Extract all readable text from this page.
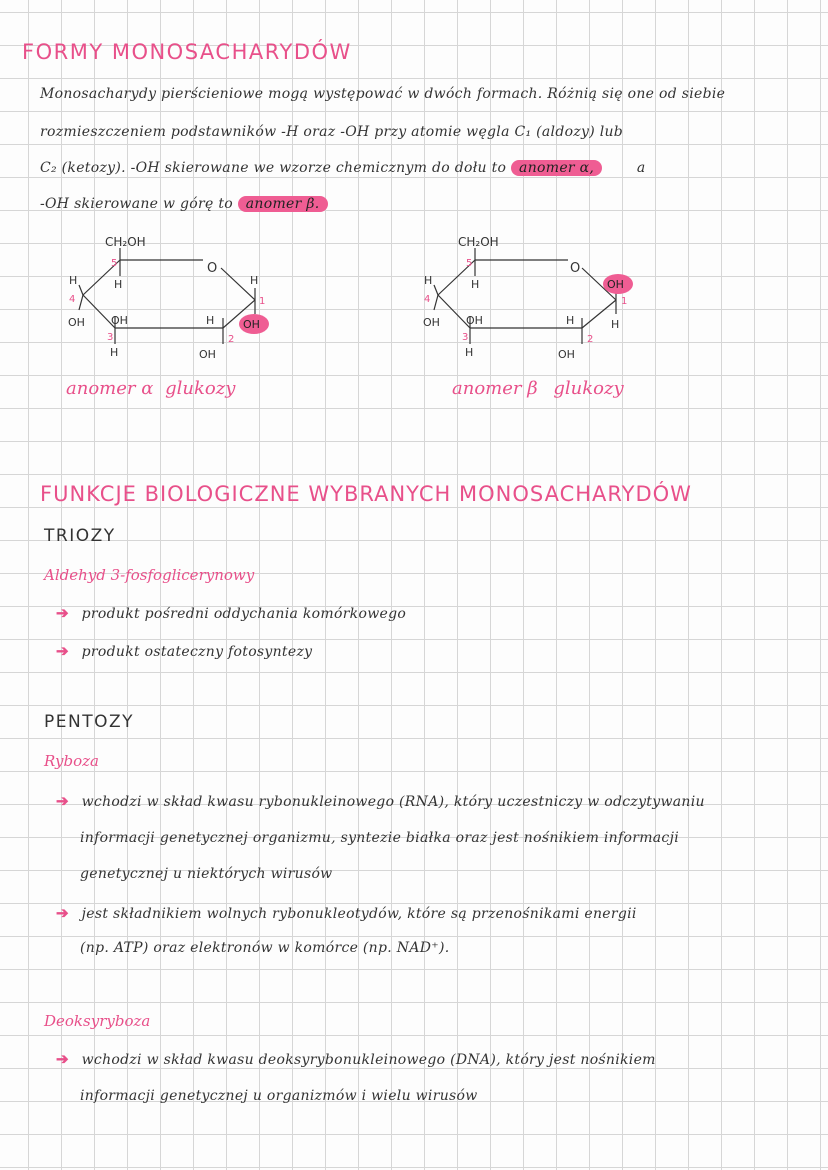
FORMY MONOSACHARYDÓW
Monosacharydy pierścieniowe mogą występować w dwóch formach. Różnią się one od siebie
rozmieszczeniem podstawników -H oraz -OH przy atomie węgla C₁ (aldozy) lub
C₂ (ketozy). -OH skierowane we wzorze chemicznym do dołu to anomer α,	a
-OH skierowane w górę to anomer β.
CH₂OH
O
H
H
OH OH
H
H
OH
H
OH
5
4
3	2
1
anomer α glukozy
CH₂OH
O
H
H
OH OH
H
H
OH
OH
H
5
4
3	2
1
anomer β glukozy
FUNKCJE BIOLOGICZNE WYBRANYCH MONOSACHARYDÓW
TRIOZY
Aldehyd 3-fosfoglicerynowy
➔ produkt pośredni oddychania komórkowego
➔ produkt ostateczny fotosyntezy
PENTOZY
Ryboza
➔ wchodzi w skład kwasu rybonukleinowego (RNA), który uczestniczy w odczytywaniu
informacji genetycznej organizmu, syntezie białka oraz jest nośnikiem informacji
genetycznej u niektórych wirusów
➔ jest składnikiem wolnych rybonukleotydów, które są przenośnikami energii
(np. ATP) oraz elektronów w komórce (np. NAD⁺).
Deoksyryboza
➔ wchodzi w skład kwasu deoksyrybonukleinowego (DNA), który jest nośnikiem
informacji genetycznej u organizmów i wielu wirusów
